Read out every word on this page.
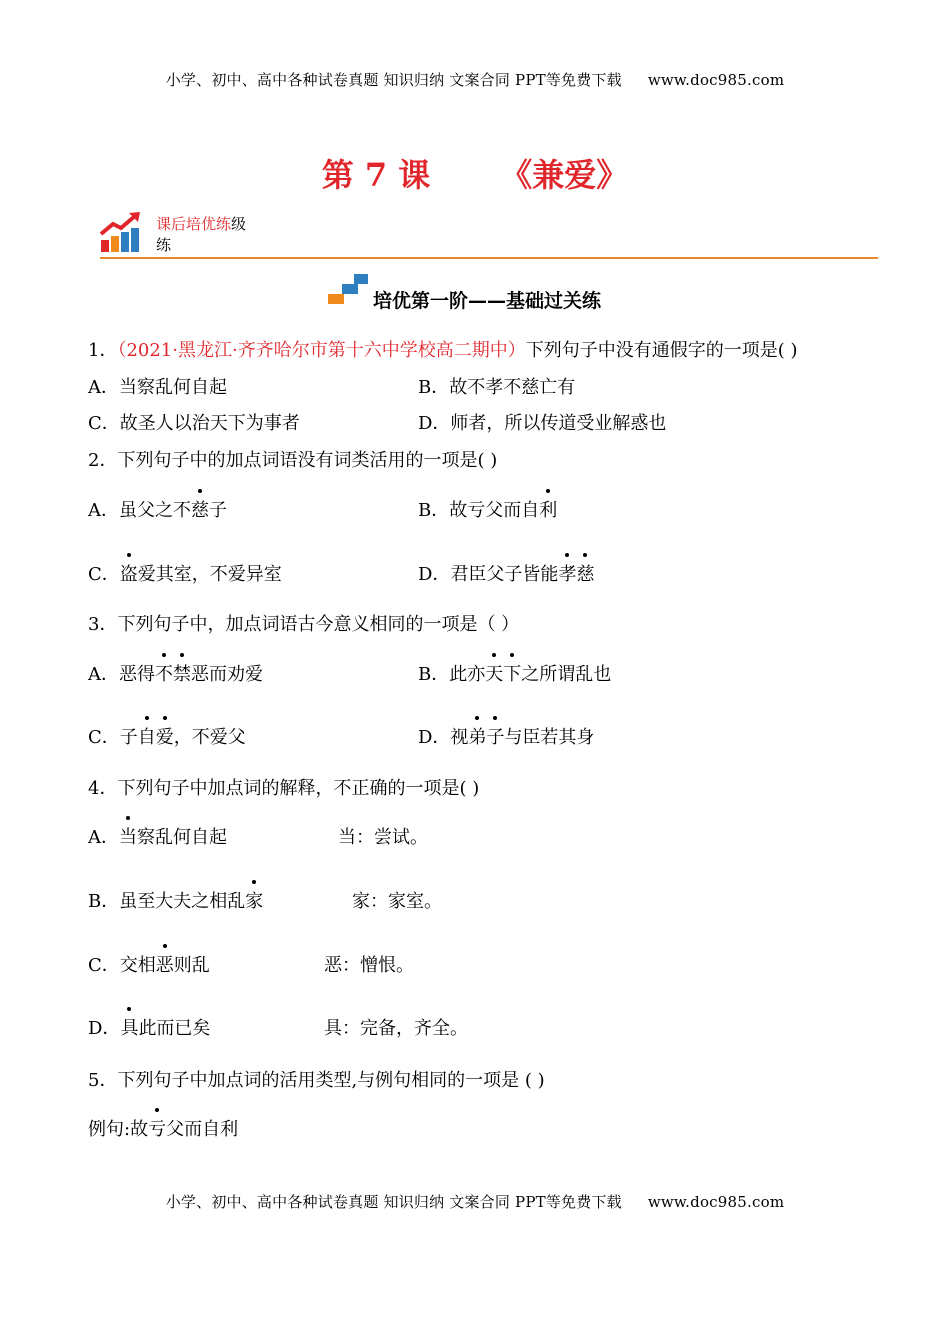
小学、初中、高中各种试卷真题 知识归纳 文案合同 PPT等免费下载 www.doc985.com
第 7 课 《兼爱》
课后培优练级
练
培优第一阶——基础过关练
1．（2021·黑龙江·齐齐哈尔市第十六中学校高二期中）下列句子中没有通假字的一项是( )
A．当察乱何自起	B．故不孝不慈亡有
C．故圣人以治天下为事者	D．师者，所以传道受业解惑也
2．下列句子中的加点词语没有词类活用的一项是( )
A．虽父之不慈子	B．故亏父而自利
C．盗爱其室，不爱异室	D．君臣父子皆能孝慈
3．下列句子中，加点词语古今意义相同的一项是（ ）
A．恶得不禁恶而劝爱	B．此亦天下之所谓乱也
C．子自爱，不爱父	D．视弟子与臣若其身
4．下列句子中加点词的解释，不正确的一项是( )
A．当察乱何自起	当：尝试。
B．虽至大夫之相乱家	家：家室。
C．交相恶则乱	恶：憎恨。
D．具此而已矣	具：完备，齐全。
5．下列句子中加点词的活用类型,与例句相同的一项是 ( )
例句:故亏父而自利
小学、初中、高中各种试卷真题 知识归纳 文案合同 PPT等免费下载 www.doc985.com
